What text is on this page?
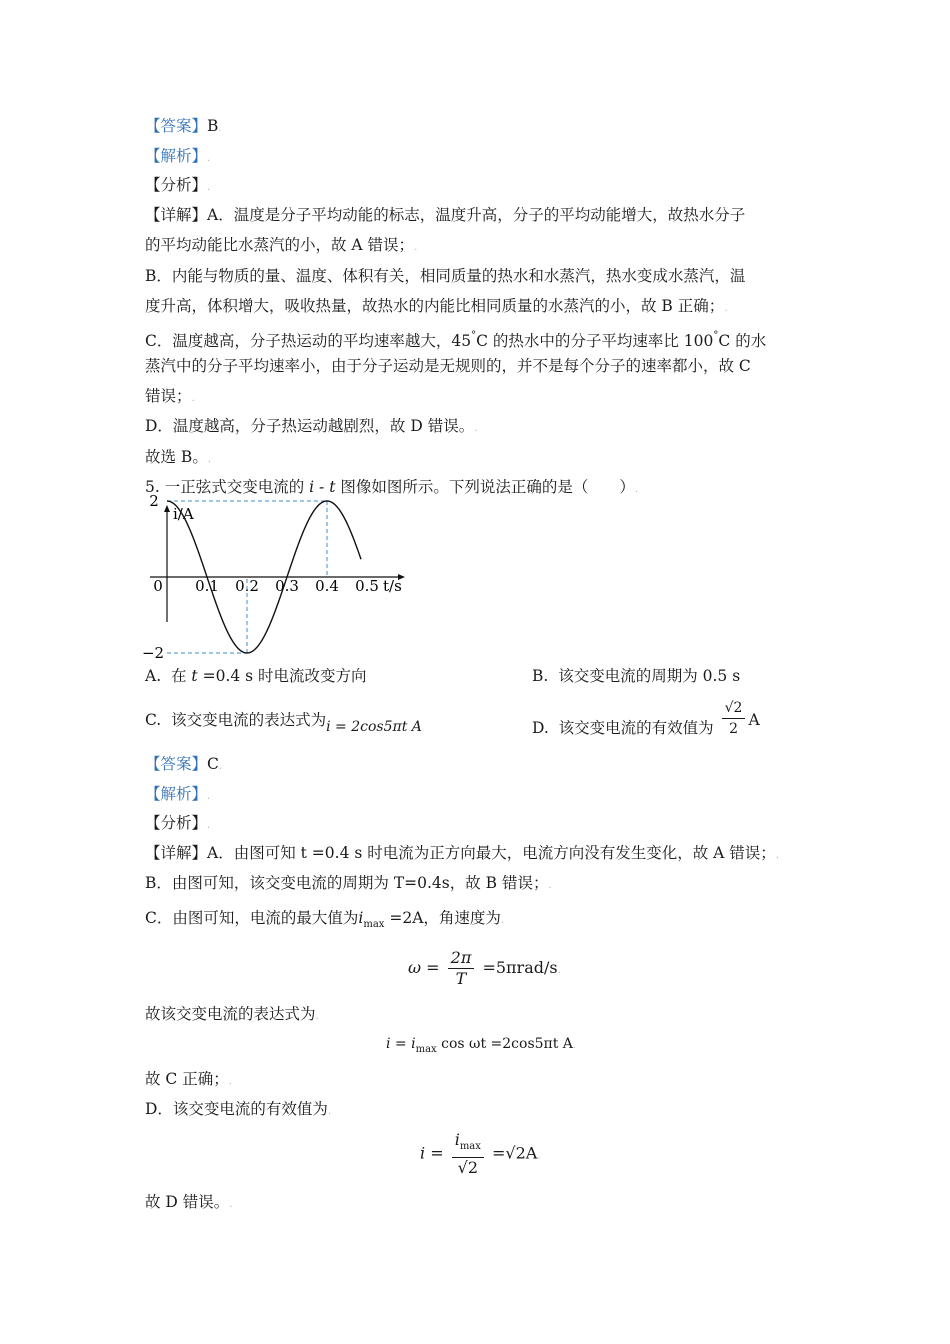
【答案】B.
【解析】.
【分析】.
【详解】A．温度是分子平均动能的标志，温度升高，分子的平均动能增大，故热水分子
的平均动能比水蒸汽的小，故 A 错误；.
B．内能与物质的量、温度、体积有关，相同质量的热水和水蒸汽，热水变成水蒸汽，温
度升高，体积增大，吸收热量，故热水的内能比相同质量的水蒸汽的小，故 B 正确；.
C．温度越高，分子热运动的平均速率越大，45°C 的热水中的分子平均速率比 100°C 的水
蒸汽中的分子平均速率小，由于分子运动是无规则的，并不是每个分子的速率都小，故 C
错误；.
D．温度越高，分子热运动越剧烈，故 D 错误。.
故选 B。.
5. 一正弦式交变电流的 i - t 图像如图所示。下列说法正确的是（　　）.
i/A
t/s
2
−2
0 0.1 0.2 0.3 0.4 0.5
A. 在 t =0.4 s 时电流改变方向	B. 该交变电流的周期为 0.5 s
C. 该交变电流的表达式为i = 2cos5πt A	D. 该交变电流的有效值为 $\frac{√2}{2}$ A
【答案】C.
【解析】.
【分析】.
【详解】A．由图可知 t =0.4 s 时电流为正方向最大，电流方向没有发生变化，故 A 错误；.
B．由图可知，该交变电流的周期为 T=0.4s，故 B 错误；.
C．由图可知，电流的最大值为$i_{max} =2A$，角速度为.
$\omega = \frac{2\pi}{T} =5\pi rad/s$.
故该交变电流的表达式为.
$i = i_{max}$ cos ωt =2cos5πt A.
故 C 正确；.
D．该交变电流的有效值为.
$i = \frac{i_{max}}{√2} =√2A$.
故 D 错误。.
